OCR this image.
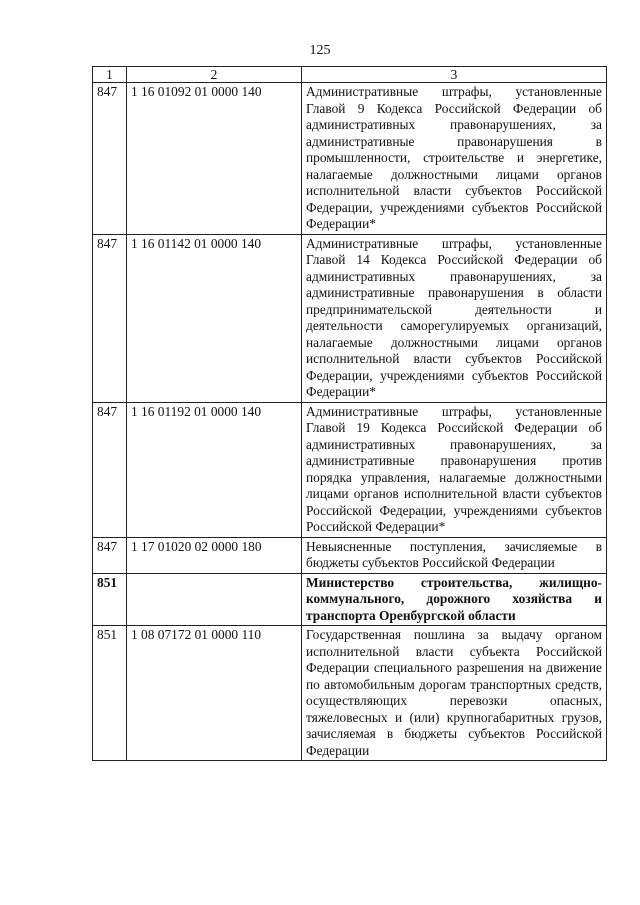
125
1	2	3
847	1 16 01092 01 0000 140	Административные штрафы, установленные Главой 9 Кодекса Российской Федерации об административных правонарушениях, за административные правонарушения в промышленности, строительстве и энергетике, налагаемые должностными лицами органов исполнительной власти субъектов Российской Федерации, учреждениями субъектов Российской Федерации*
847	1 16 01142 01 0000 140	Административные штрафы, установленные Главой 14 Кодекса Российской Федерации об административных правонарушениях, за административные правонарушения в области предпринимательской деятельности и деятельности саморегулируемых организаций, налагаемые должностными лицами органов исполнительной власти субъектов Российской Федерации, учреждениями субъектов Российской Федерации*
847	1 16 01192 01 0000 140	Административные штрафы, установленные Главой 19 Кодекса Российской Федерации об административных правонарушениях, за административные правонарушения против порядка управления, налагаемые должностными лицами органов исполнительной власти субъектов Российской Федерации, учреждениями субъектов Российской Федерации*
847	1 17 01020 02 0000 180	Невыясненные поступления, зачисляемые в бюджеты субъектов Российской Федерации
851		Министерство строительства, жилищно-коммунального, дорожного хозяйства и транспорта Оренбургской области
851	1 08 07172 01 0000 110	Государственная пошлина за выдачу органом исполнительной власти субъекта Российской Федерации специального разрешения на движение по автомобильным дорогам транспортных средств, осуществляющих перевозки опасных, тяжеловесных и (или) крупногабаритных грузов, зачисляемая в бюджеты субъектов Российской Федерации
